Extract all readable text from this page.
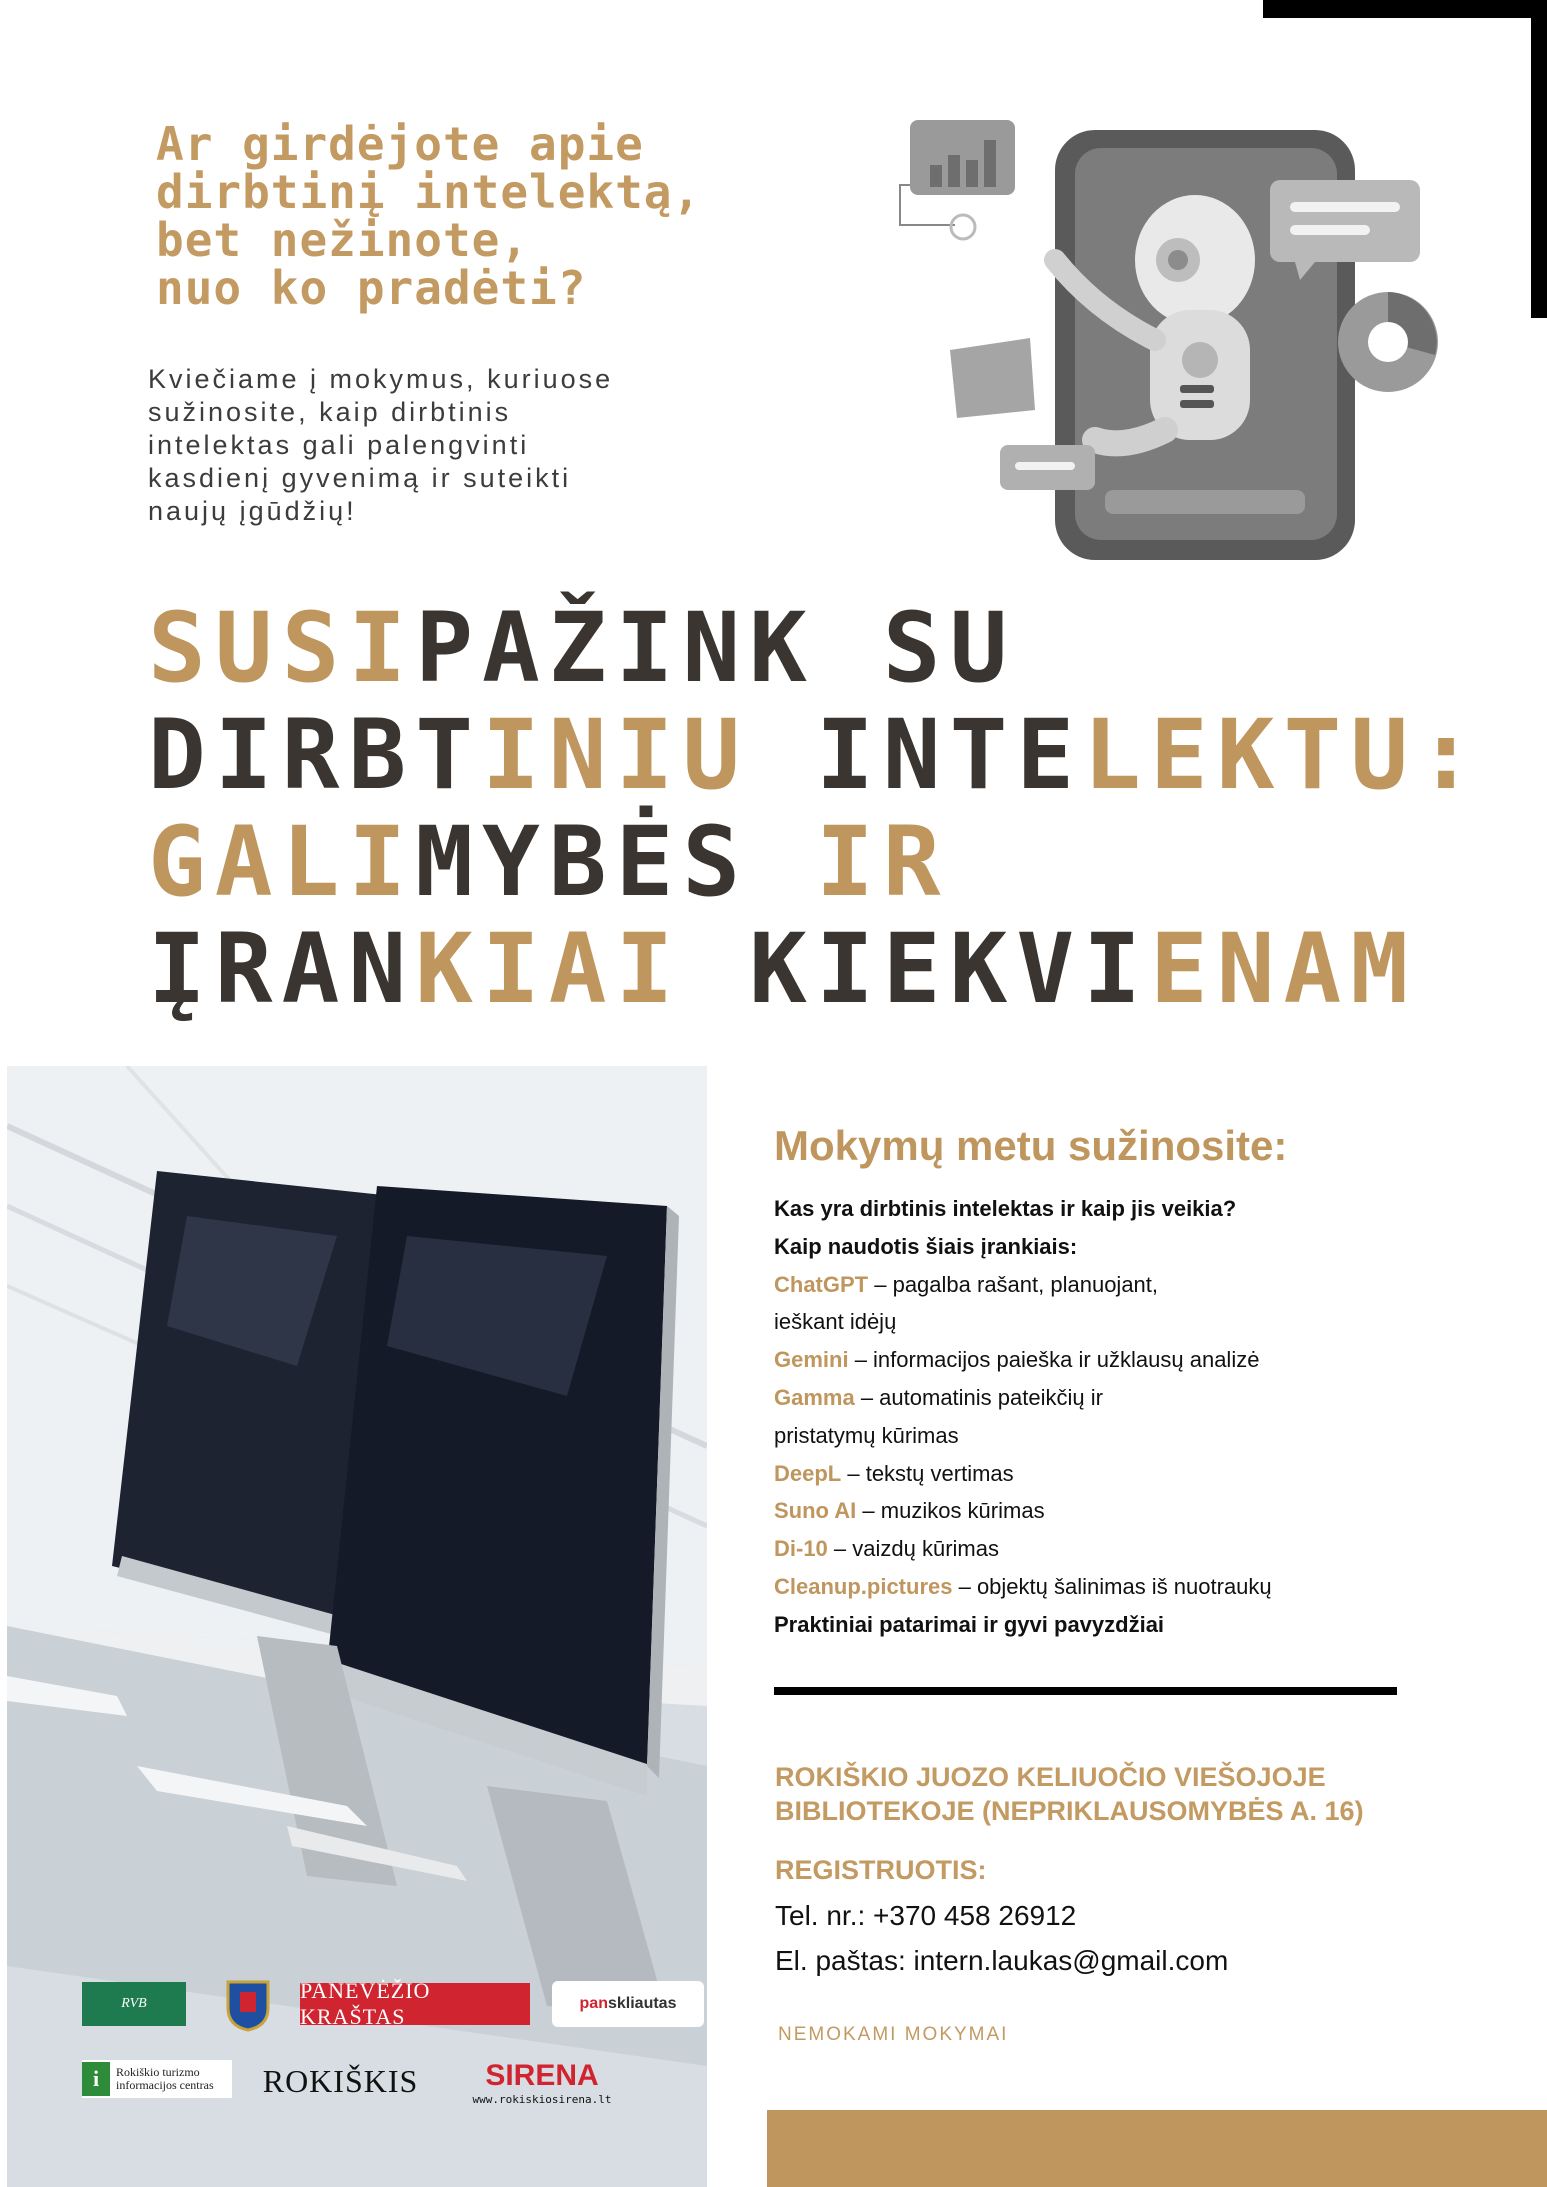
Ar girdėjote apie
dirbtinį intelektą,
bet nežinote,
nuo ko pradėti?
Kviečiame į mokymus, kuriuose
sužinosite, kaip dirbtinis
intelektas gali palengvinti
kasdienį gyvenimą ir suteikti
naujų įgūdžių!
SUSIPAŽINK SU
DIRBTINIU INTELEKTU:
GALIMYBĖS IR
ĮRANKIAI KIEKVIENAM
Mokymų metu sužinosite:
Kas yra dirbtinis intelektas ir kaip jis veikia?
Kaip naudotis šiais įrankiais:
ChatGPT – pagalba rašant, planuojant,
ieškant idėjų
Gemini – informacijos paieška ir užklausų analizė
Gamma – automatinis pateikčių ir
pristatymų kūrimas
DeepL – tekstų vertimas
Suno AI – muzikos kūrimas
Di-10 – vaizdų kūrimas
Cleanup.pictures – objektų šalinimas iš nuotraukų
Praktiniai patarimai ir gyvi pavyzdžiai
ROKIŠKIO JUOZO KELIUOČIO VIEŠOJOJE
BIBLIOTEKOJE (NEPRIKLAUSOMYBĖS A. 16)
REGISTRUOTIS:
Tel. nr.: +370 458 26912
El. paštas: intern.laukas@gmail.com
NEMOKAMI MOKYMAI
RVB
PANEVĖŽIO KRAŠTAS
pan skliautas
i	Rokiškio turizmo informacijos centras	ROKIŠKIS SIRENA
www.rokiskiosirena.lt
